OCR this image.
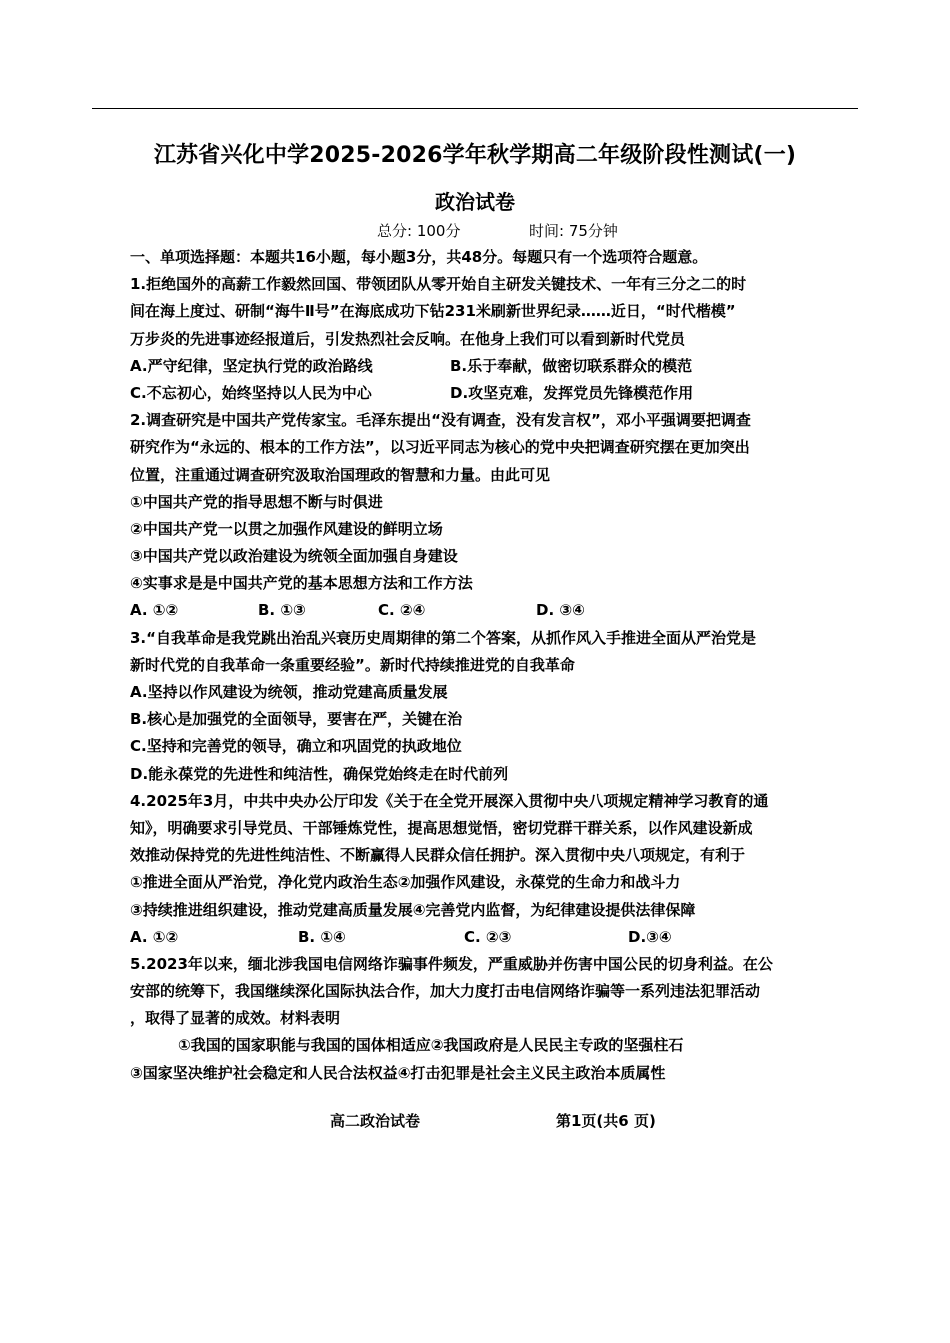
江苏省兴化中学2025-2026学年秋学期高二年级阶段性测试(一)
政治试卷
总分: 100分	时间: 75分钟
一、单项选择题：本题共16小题，每小题3分，共48分。每题只有一个选项符合题意。
1.拒绝国外的高薪工作毅然回国、带领团队从零开始自主研发关键技术、一年有三分之二的时
间在海上度过、研制“海牛Ⅱ号”在海底成功下钻231米刷新世界纪录……近日，“时代楷模”
万步炎的先进事迹经报道后，引发热烈社会反响。在他身上我们可以看到新时代党员
A.严守纪律，坚定执行党的政治路线	B.乐于奉献，做密切联系群众的模范
C.不忘初心，始终坚持以人民为中心	D.攻坚克难，发挥党员先锋模范作用
2.调查研究是中国共产党传家宝。毛泽东提出“没有调查，没有发言权”，邓小平强调要把调查
研究作为“永远的、根本的工作方法”，以习近平同志为核心的党中央把调查研究摆在更加突出
位置，注重通过调查研究汲取治国理政的智慧和力量。由此可见
①中国共产党的指导思想不断与时俱进
②中国共产党一以贯之加强作风建设的鲜明立场
③中国共产党以政治建设为统领全面加强自身建设
④实事求是是中国共产党的基本思想方法和工作方法
A. ①②	B. ①③	C. ②④	D. ③④
3.“自我革命是我党跳出治乱兴衰历史周期律的第二个答案，从抓作风入手推进全面从严治党是
新时代党的自我革命一条重要经验”。新时代持续推进党的自我革命
A.坚持以作风建设为统领，推动党建高质量发展
B.核心是加强党的全面领导，要害在严，关键在治
C.坚持和完善党的领导，确立和巩固党的执政地位
D.能永葆党的先进性和纯洁性，确保党始终走在时代前列
4.2025年3月，中共中央办公厅印发《关于在全党开展深入贯彻中央八项规定精神学习教育的通
知》，明确要求引导党员、干部锤炼党性，提高思想觉悟，密切党群干群关系，以作风建设新成
效推动保持党的先进性纯洁性、不断赢得人民群众信任拥护。深入贯彻中央八项规定，有利于
①推进全面从严治党，净化党内政治生态②加强作风建设，永葆党的生命力和战斗力
③持续推进组织建设，推动党建高质量发展④完善党内监督，为纪律建设提供法律保障
A. ①②	B. ①④	C. ②③	D.③④
5.2023年以来，缅北涉我国电信网络诈骗事件频发，严重威胁并伤害中国公民的切身利益。在公
安部的统筹下，我国继续深化国际执法合作，加大力度打击电信网络诈骗等一系列违法犯罪活动
，取得了显著的成效。材料表明
①我国的国家职能与我国的国体相适应②我国政府是人民民主专政的坚强柱石
③国家坚决维护社会稳定和人民合法权益④打击犯罪是社会主义民主政治本质属性
高二政治试卷	第1页(共6 页)
